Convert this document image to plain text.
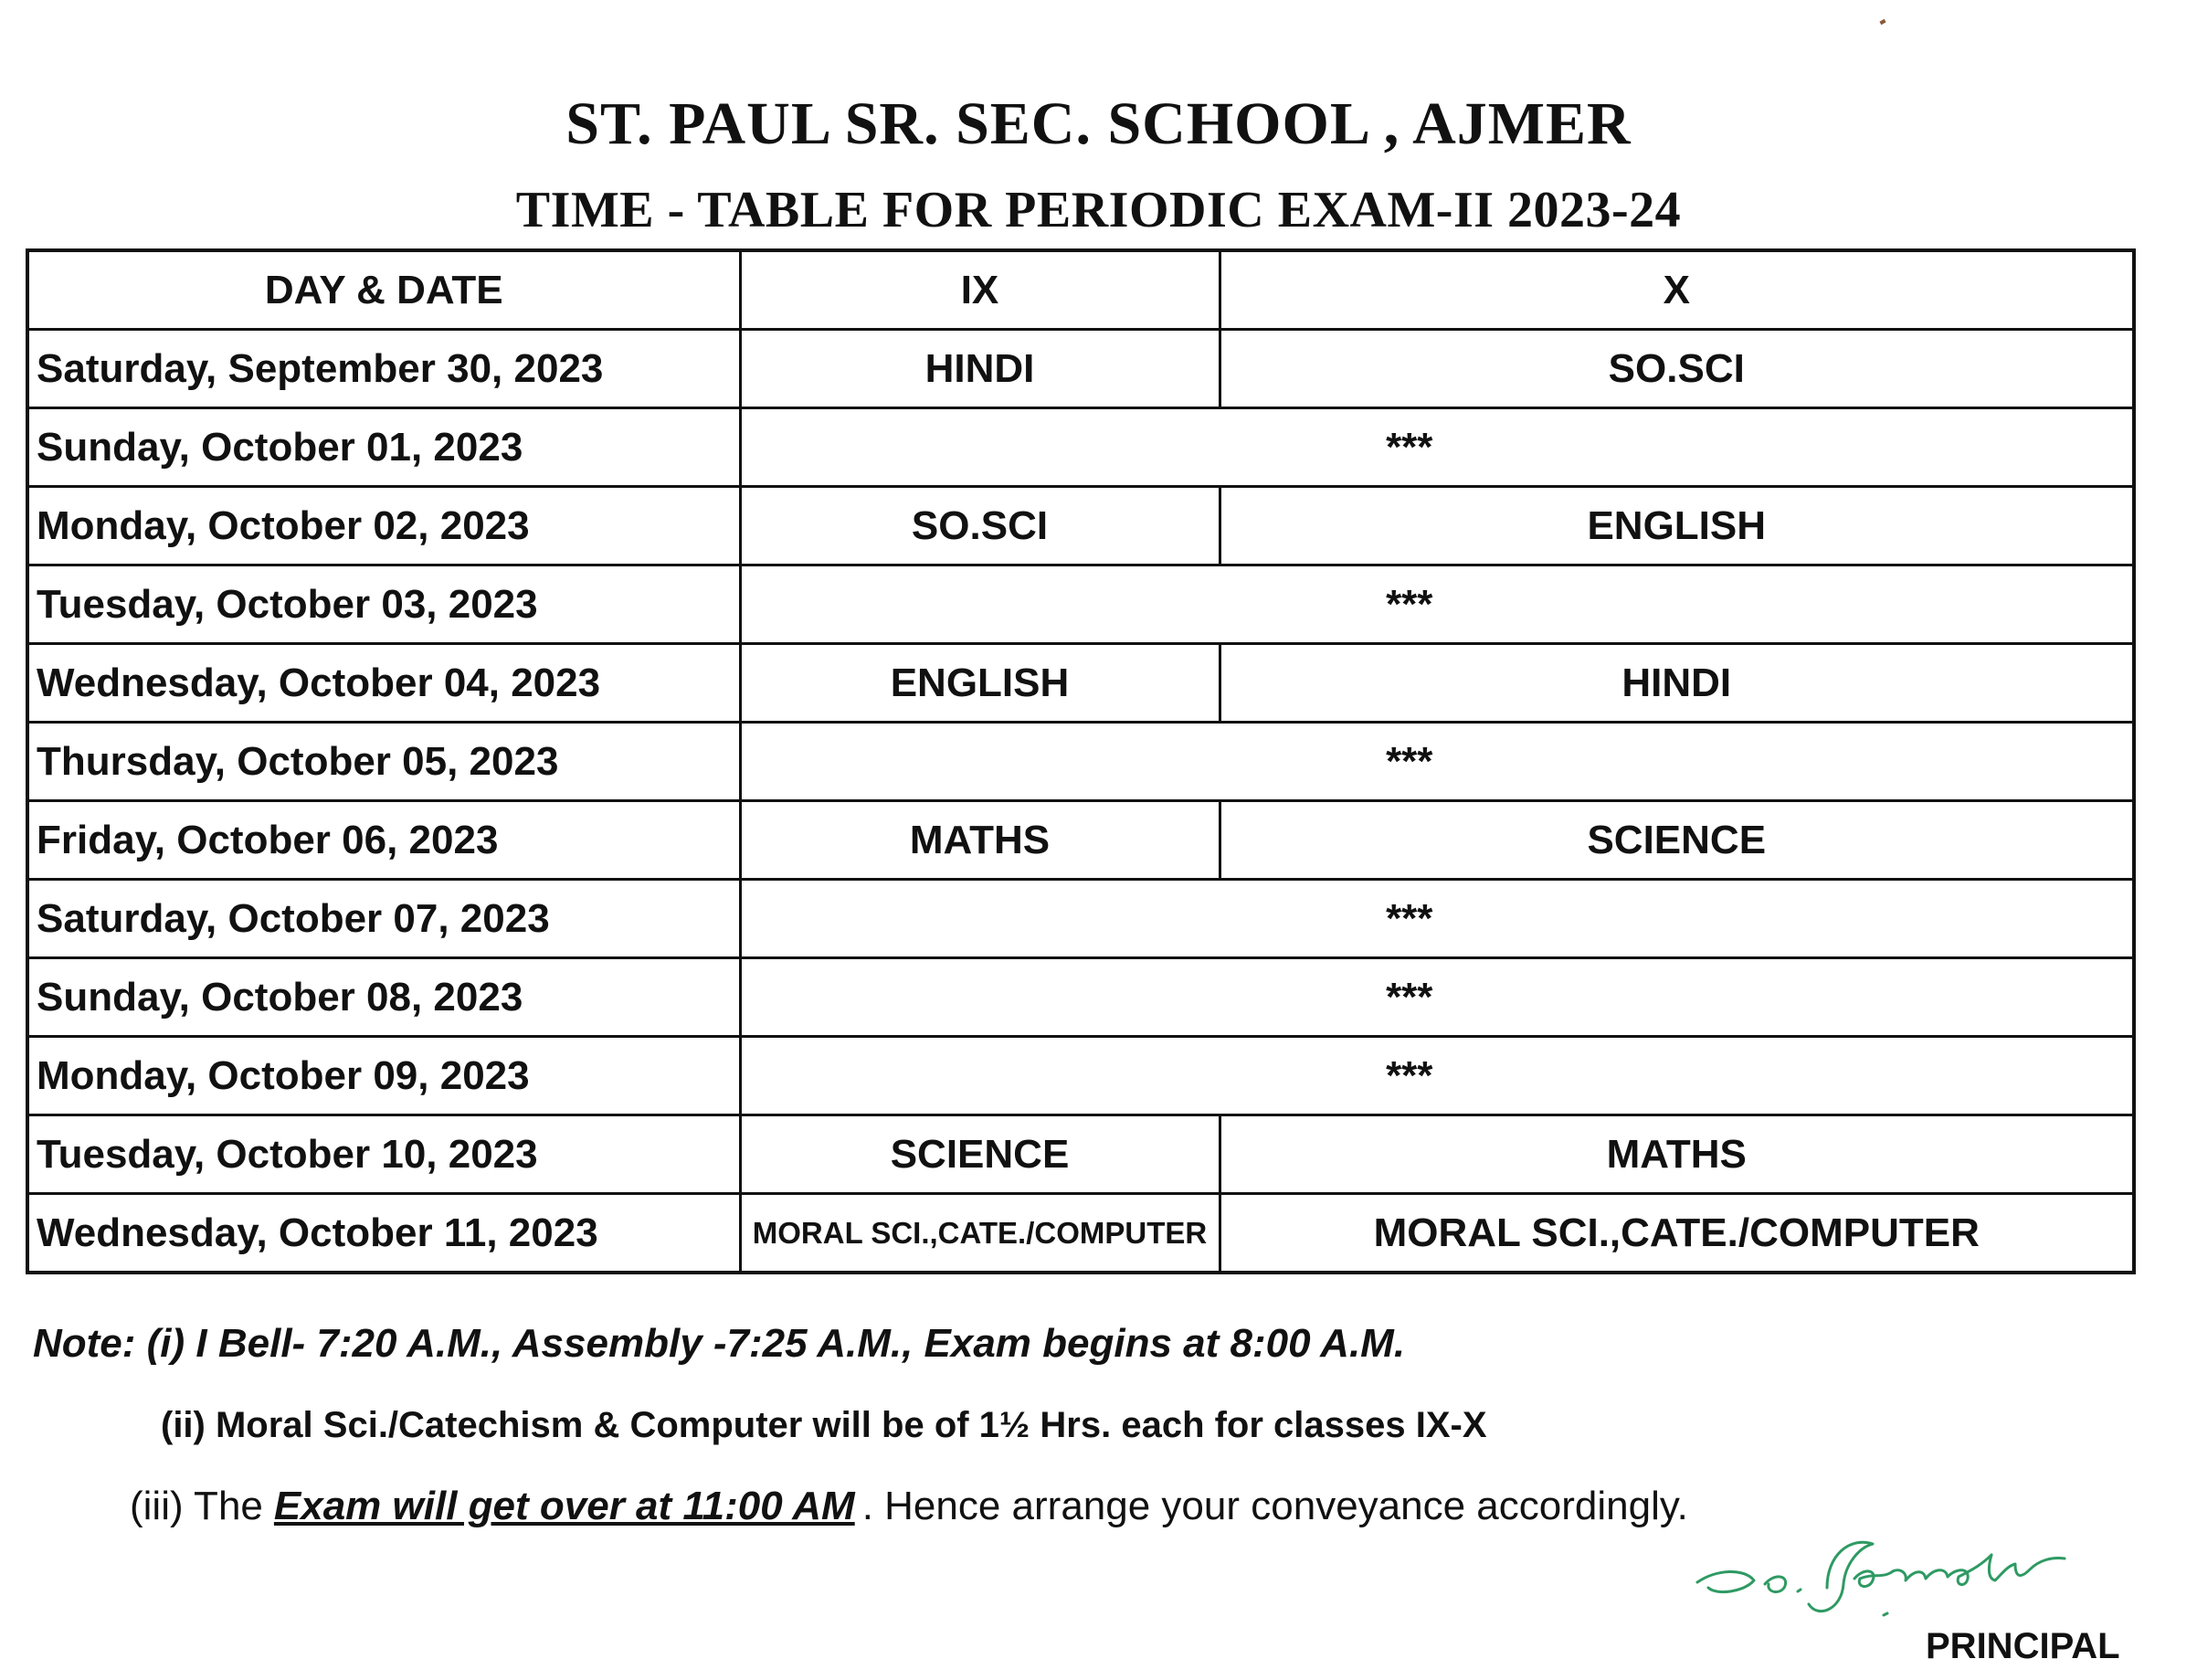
ST. PAUL SR. SEC. SCHOOL , AJMER
TIME - TABLE FOR PERIODIC EXAM-II 2023-24
DAY & DATE	IX	X
Saturday, September 30, 2023	HINDI	SO.SCI
Sunday, October 01, 2023	***	
Monday, October 02, 2023	SO.SCI	ENGLISH
Tuesday, October 03, 2023	***	
Wednesday, October 04, 2023	ENGLISH	HINDI
Thursday, October 05, 2023	***	
Friday, October 06, 2023	MATHS	SCIENCE
Saturday, October 07, 2023	***	
Sunday, October 08, 2023	***	
Monday, October 09, 2023	***	
Tuesday, October 10, 2023	SCIENCE	MATHS
Wednesday, October 11, 2023	MORAL SCI.,CATE./COMPUTER	MORAL SCI.,CATE./COMPUTER
Note: (i) I Bell- 7:20 A.M., Assembly -7:25 A.M., Exam begins at 8:00 A.M.
(ii) Moral Sci./Catechism & Computer will be of 1½ Hrs. each for classes IX-X
(iii) The Exam will get over at 11:00 AM . Hence arrange your conveyance accordingly.
PRINCIPAL
